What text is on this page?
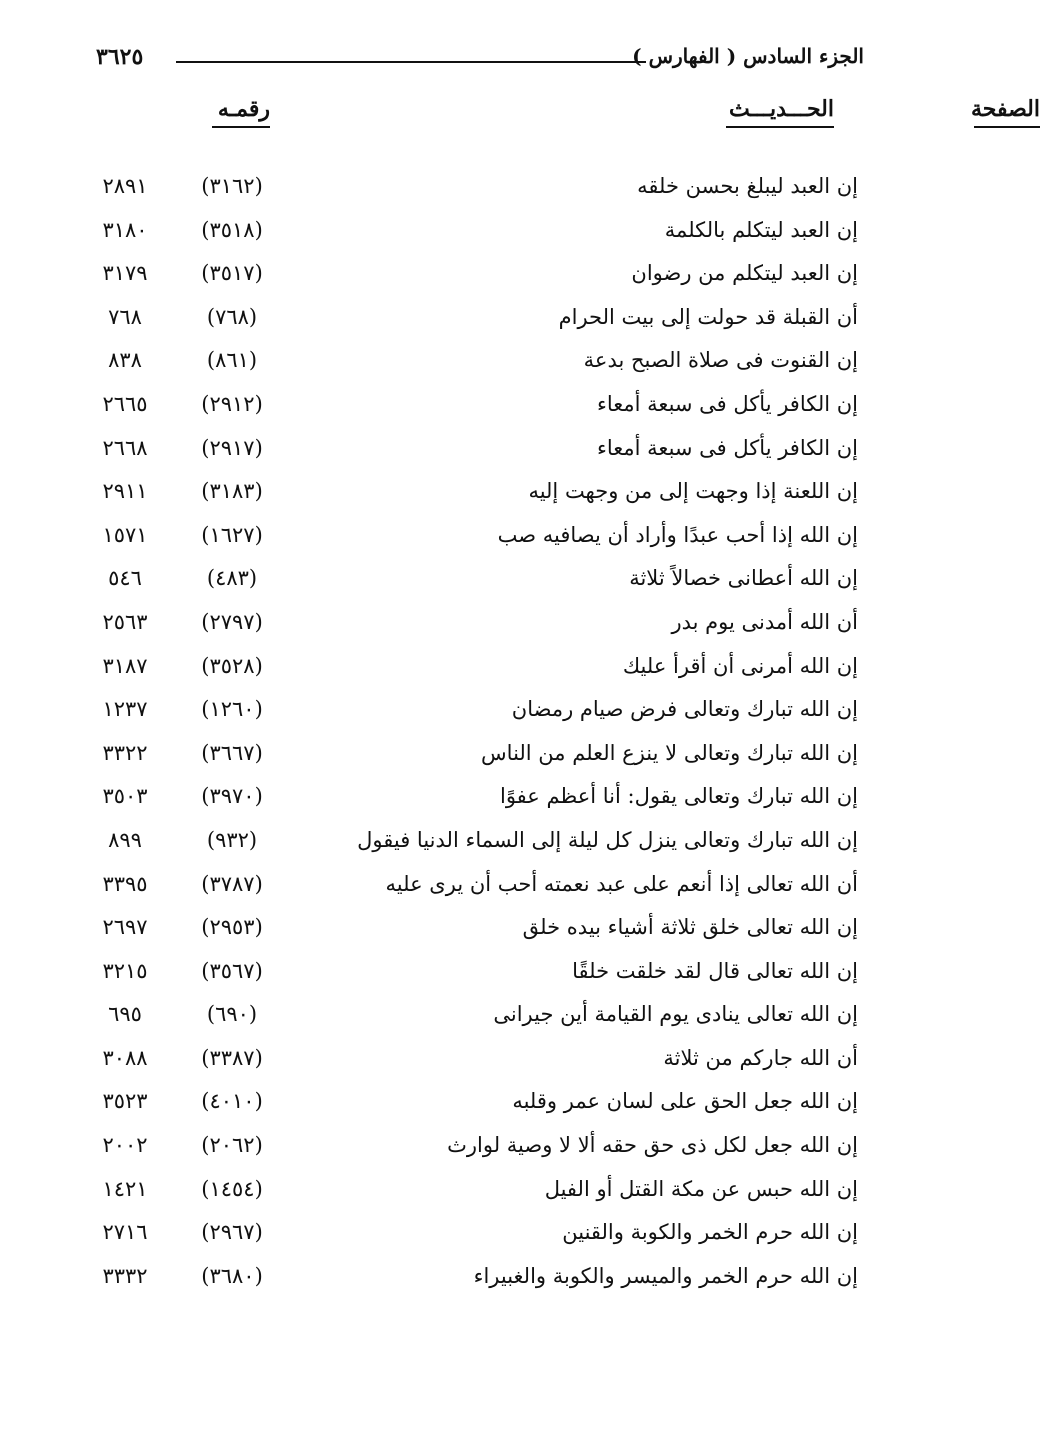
الجزء السادس ( الفهارس )
٣٦٢٥
الحـــديـــث
رقمـه	الصفحة
إن العبد ليبلغ بحسن خلقه
(٣١٦٢)
٢٨٩١
إن العبد ليتكلم بالكلمة
(٣٥١٨)
٣١٨٠
إن العبد ليتكلم من رضوان
(٣٥١٧)
٣١٧٩
أن القبلة قد حولت إلى بيت الحرام
(٧٦٨)
٧٦٨
إن القنوت فى صلاة الصبح بدعة
(٨٦١)
٨٣٨
إن الكافر يأكل فى سبعة أمعاء
(٢٩١٢)
٢٦٦٥
إن الكافر يأكل فى سبعة أمعاء
(٢٩١٧)
٢٦٦٨
إن اللعنة إذا وجهت إلى من وجهت إليه
(٣١٨٣)
٢٩١١
إن الله إذا أحب عبدًا وأراد أن يصافيه صب
(١٦٢٧)
١٥٧١
إن الله أعطانى خصالاً ثلاثة
(٤٨٣)
٥٤٦
أن الله أمدنى يوم بدر
(٢٧٩٧)
٢٥٦٣
إن الله أمرنى أن أقرأ عليك
(٣٥٢٨)
٣١٨٧
إن الله تبارك وتعالى فرض صيام رمضان
(١٢٦٠)
١٢٣٧
إن الله تبارك وتعالى لا ينزع العلم من الناس
(٣٦٦٧)
٣٣٢٢
إن الله تبارك وتعالى يقول: أنا أعظم عفوًا
(٣٩٧٠)
٣٥٠٣
إن الله تبارك وتعالى ينزل كل ليلة إلى السماء الدنيا فيقول
(٩٣٢)
٨٩٩
أن الله تعالى إذا أنعم على عبد نعمته أحب أن يرى عليه
(٣٧٨٧)
٣٣٩٥
إن الله تعالى خلق ثلاثة أشياء بيده خلق
(٢٩٥٣)
٢٦٩٧
إن الله تعالى قال لقد خلقت خلقًا
(٣٥٦٧)
٣٢١٥
إن الله تعالى ينادى يوم القيامة أين جيرانى
(٦٩٠)
٦٩٥
أن الله جاركم من ثلاثة
(٣٣٨٧)
٣٠٨٨
إن الله جعل الحق على لسان عمر وقلبه
(٤٠١٠)
٣٥٢٣
إن الله جعل لكل ذى حق حقه ألا لا وصية لوارث
(٢٠٦٢)
٢٠٠٢
إن الله حبس عن مكة القتل أو الفيل
(١٤٥٤)
١٤٢١
إن الله حرم الخمر والكوبة والقنين
(٢٩٦٧)
٢٧١٦
إن الله حرم الخمر والميسر والكوبة والغبيراء
(٣٦٨٠)
٣٣٣٢
